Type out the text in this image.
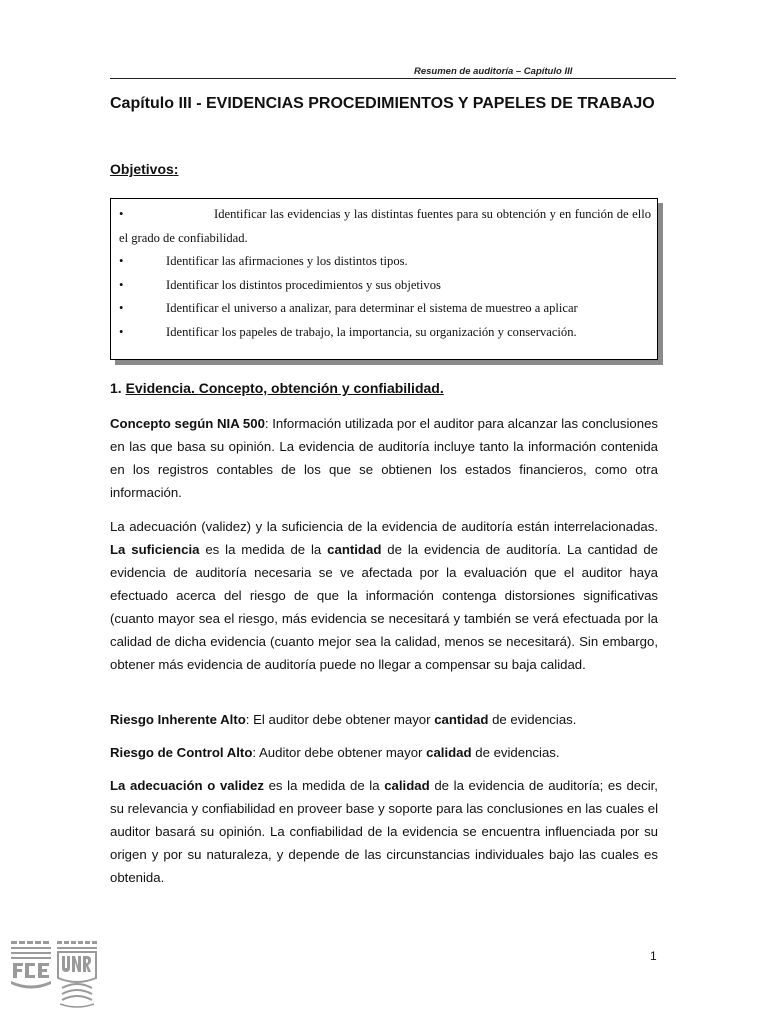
Resumen de auditoría – Capítulo III
Capítulo III - EVIDENCIAS PROCEDIMIENTOS Y PAPELES DE TRABAJO
Objetivos:
•	Identificar las evidencias y las distintas fuentes para su obtención y en función de ello el grado de confiabilidad.
•	Identificar las afirmaciones y los distintos tipos.
•	Identificar los distintos procedimientos y sus objetivos
•	Identificar el universo a analizar, para determinar el sistema de muestreo a aplicar
•	Identificar los papeles de trabajo, la importancia, su organización y conservación.
1. Evidencia. Concepto, obtención y confiabilidad.

Concepto según NIA 500: Información utilizada por el auditor para alcanzar las conclusiones en las que basa su opinión. La evidencia de auditoría incluye tanto la información contenida en los registros contables de los que se obtienen los estados financieros, como otra información.

La adecuación (validez) y la suficiencia de la evidencia de auditoría están interrelacionadas. La suficiencia es la medida de la cantidad de la evidencia de auditoría. La cantidad de evidencia de auditoría necesaria se ve afectada por la evaluación que el auditor haya efectuado acerca del riesgo de que la información contenga distorsiones significativas (cuanto mayor sea el riesgo, más evidencia se necesitará y también se verá efectuada por la calidad de dicha evidencia (cuanto mejor sea la calidad, menos se necesitará). Sin embargo, obtener más evidencia de auditoría puede no llegar a compensar su baja calidad.

Riesgo Inherente Alto: El auditor debe obtener mayor cantidad de evidencias.

Riesgo de Control Alto: Auditor debe obtener mayor calidad de evidencias.

La adecuación o validez es la medida de la calidad de la evidencia de auditoría; es decir, su relevancia y confiabilidad en proveer base y soporte para las conclusiones en las cuales el auditor basará su opinión. La confiabilidad de la evidencia se encuentra influenciada por su origen y por su naturaleza, y depende de las circunstancias individuales bajo las cuales es obtenida.

1
